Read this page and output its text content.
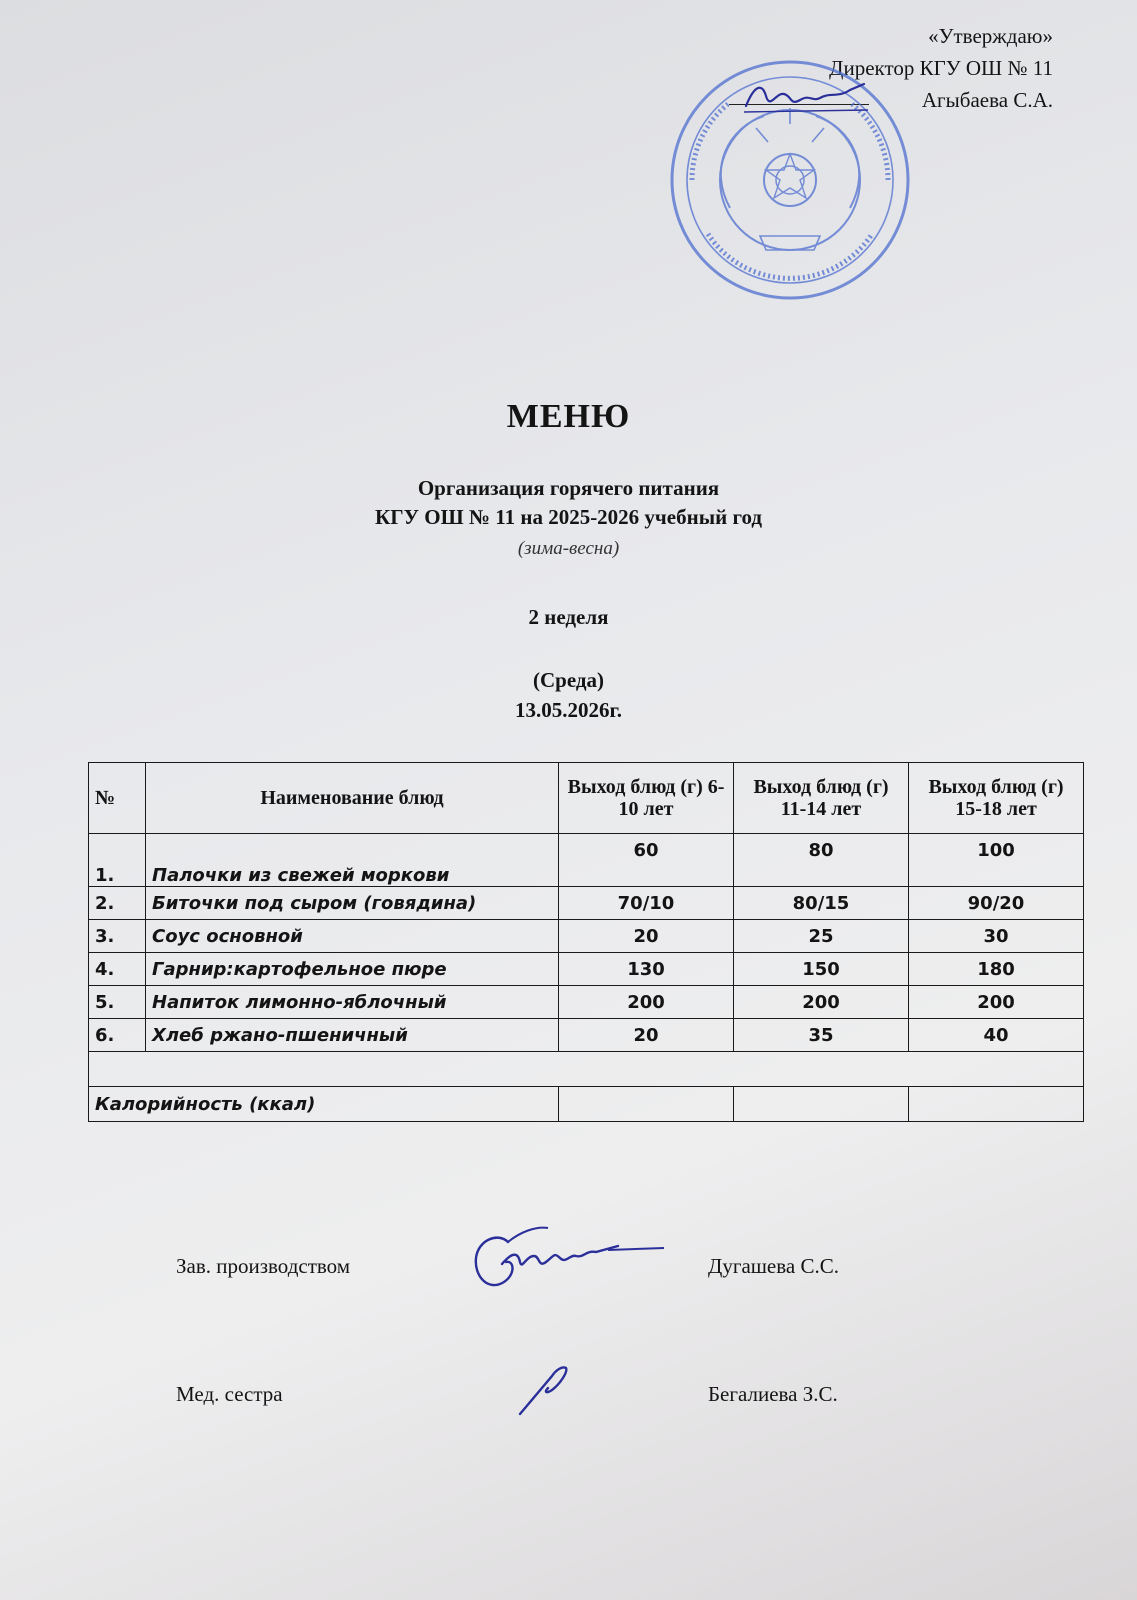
«Утверждаю»
Директор КГУ ОШ № 11
Агыбаева С.А.
МЕНЮ
Организация горячего питания
КГУ ОШ № 11 на 2025-2026 учебный год
(зима-весна)
2 неделя
(Среда)
13.05.2026г.
№	Наименование блюд	Выход блюд (г) 6-10 лет	Выход блюд (г) 11-14 лет	Выход блюд (г) 15-18 лет
1.	Палочки из свежей моркови	60	80	100
2.	Биточки под сыром (говядина)	70/10	80/15	90/20
3.	Соус основной	20	25	30
4.	Гарнир:картофельное пюре	130	150	180
5.	Напиток лимонно-яблочный	200	200	200
6.	Хлеб ржано-пшеничный	20	35	40

Калорийность (ккал)				
Зав. производством	Дугашева С.С.
Мед. сестра	Бегалиева З.С.
